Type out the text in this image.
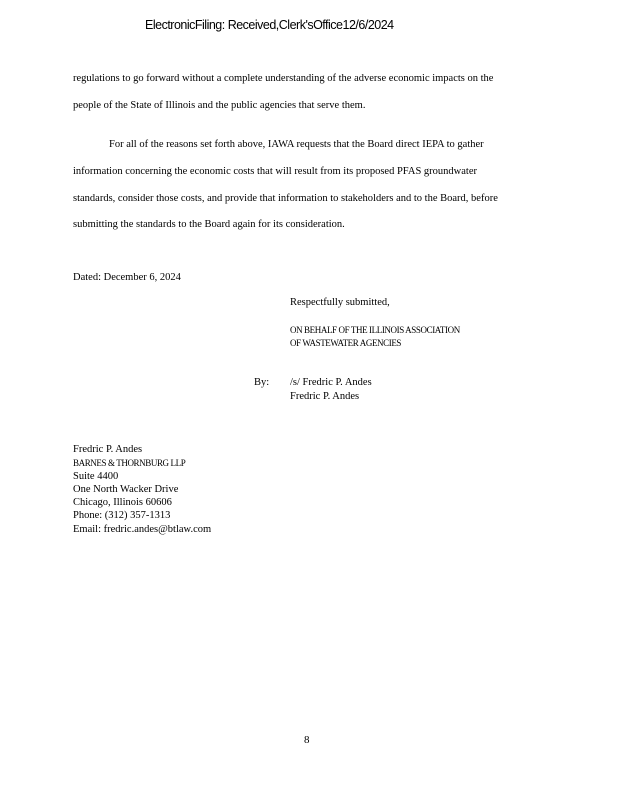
ElectronicFiling: Received,Clerk'sOffice12/6/2024
regulations to go forward without a complete understanding of the adverse economic impacts on the
people of the State of Illinois and the public agencies that serve them.
For all of the reasons set forth above, IAWA requests that the Board direct IEPA to gather
information concerning the economic costs that will result from its proposed PFAS groundwater
standards, consider those costs, and provide that information to stakeholders and to the Board, before
submitting the standards to the Board again for its consideration.
Dated: December 6, 2024
Respectfully submitted,
ON BEHALF OF THE ILLINOIS ASSOCIATION
OF WASTEWATER AGENCIES
By: /s/ Fredric P. Andes
Fredric P. Andes
Fredric P. Andes
BARNES & THORNBURG LLP
Suite 4400
One North Wacker Drive
Chicago, Illinois 60606
Phone: (312) 357-1313
Email: fredric.andes@btlaw.com
8
